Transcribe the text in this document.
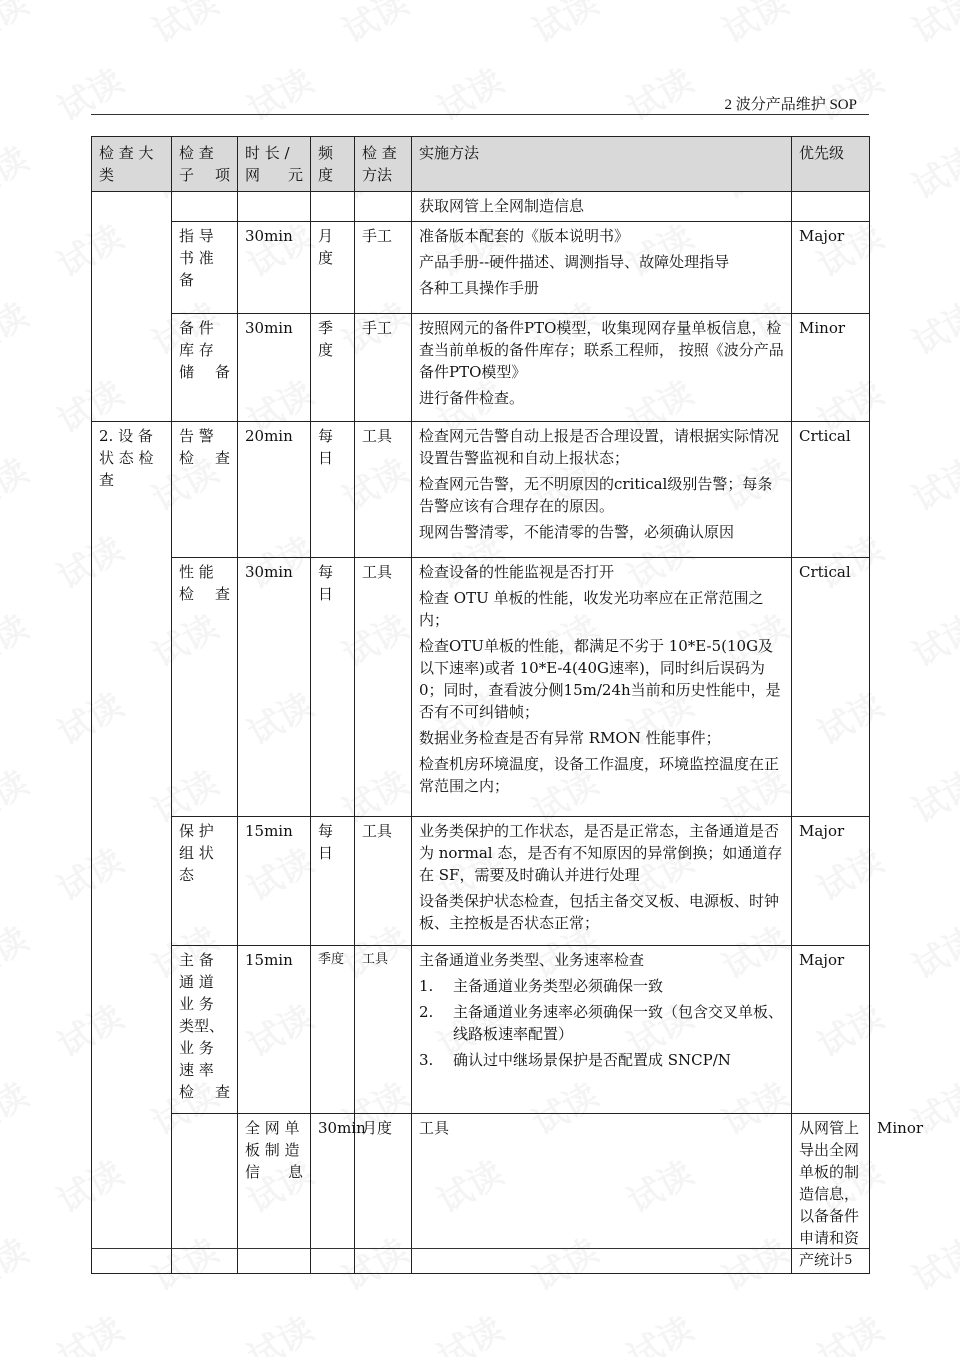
2 波分产品维护 SOP
检 查 大 类	检 查 子项	时 长 / 网元	频 度	检 查 方法	实施方法	优先级	

					获取网管上全网制造信息		

	指 导 书 准 备	30min	月度	手工	准备版本配套的《版本说明书》

产品手册--硬件描述、调测指导、故障处理指导

各种工具操作手册	Major	
	备 件 库 存 储备	30min	季度	手工	按照网元的备件PTO模型，收集现网存量单板信息，检查当前单板的备件库存；联系工程师， 按照《波分产品备件PTO模型》

进行备件检查。	Minor	
2. 设 备 状 态 检 查	告 警 检查	20min	每日	工具	检查网元告警自动上报是否合理设置，请根据实际情况设置告警监视和自动上报状态；

检查网元告警，无不明原因的critical级别告警；每条告警应该有合理存在的原因。

现网告警清零，不能清零的告警，必须确认原因	Crtical	
	性 能 检查	30min	每日	工具	检查设备的性能监视是否打开

检查 OTU 单板的性能，收发光功率应在正常范围之内；

检查OTU单板的性能，都满足不劣于 10*E-5(10G及以下速率)或者 10*E-4(40G速率)，同时纠后误码为0；同时，查看波分侧15m/24h当前和历史性能中，是否有不可纠错帧；

数据业务检查是否有异常 RMON 性能事件；

检查机房环境温度，设备工作温度，环境监控温度在正常范围之内；	Crtical	
	保 护 组 状 态	15min	每日	工具	业务类保护的工作状态，是否是正常态，主备通道是否为 normal 态，是否有不知原因的异常倒换；如通道存在 SF，需要及时确认并进行处理

设备类保护状态检查，包括主备交叉板、电源板、时钟板、主控板是否状态正常；	Major	
	主 备 通 道 业 务 类型、业 务 速 率 检查	15min	季度	工具	主备通道业务类型、业务速率检查

1. 主备通道业务类型必须确保一致

2. 主备通道业务速率必须确保一致（包含交叉单板、线路板速率配置）

3. 确认过中继场景保护是否配置成 SNCP/N	Major	
		全 网 单 板 制 造 信 息	30min	月度	工具	从网管上导出全网单板的制造信息，以备备件申请和资产统计	Minor
5
